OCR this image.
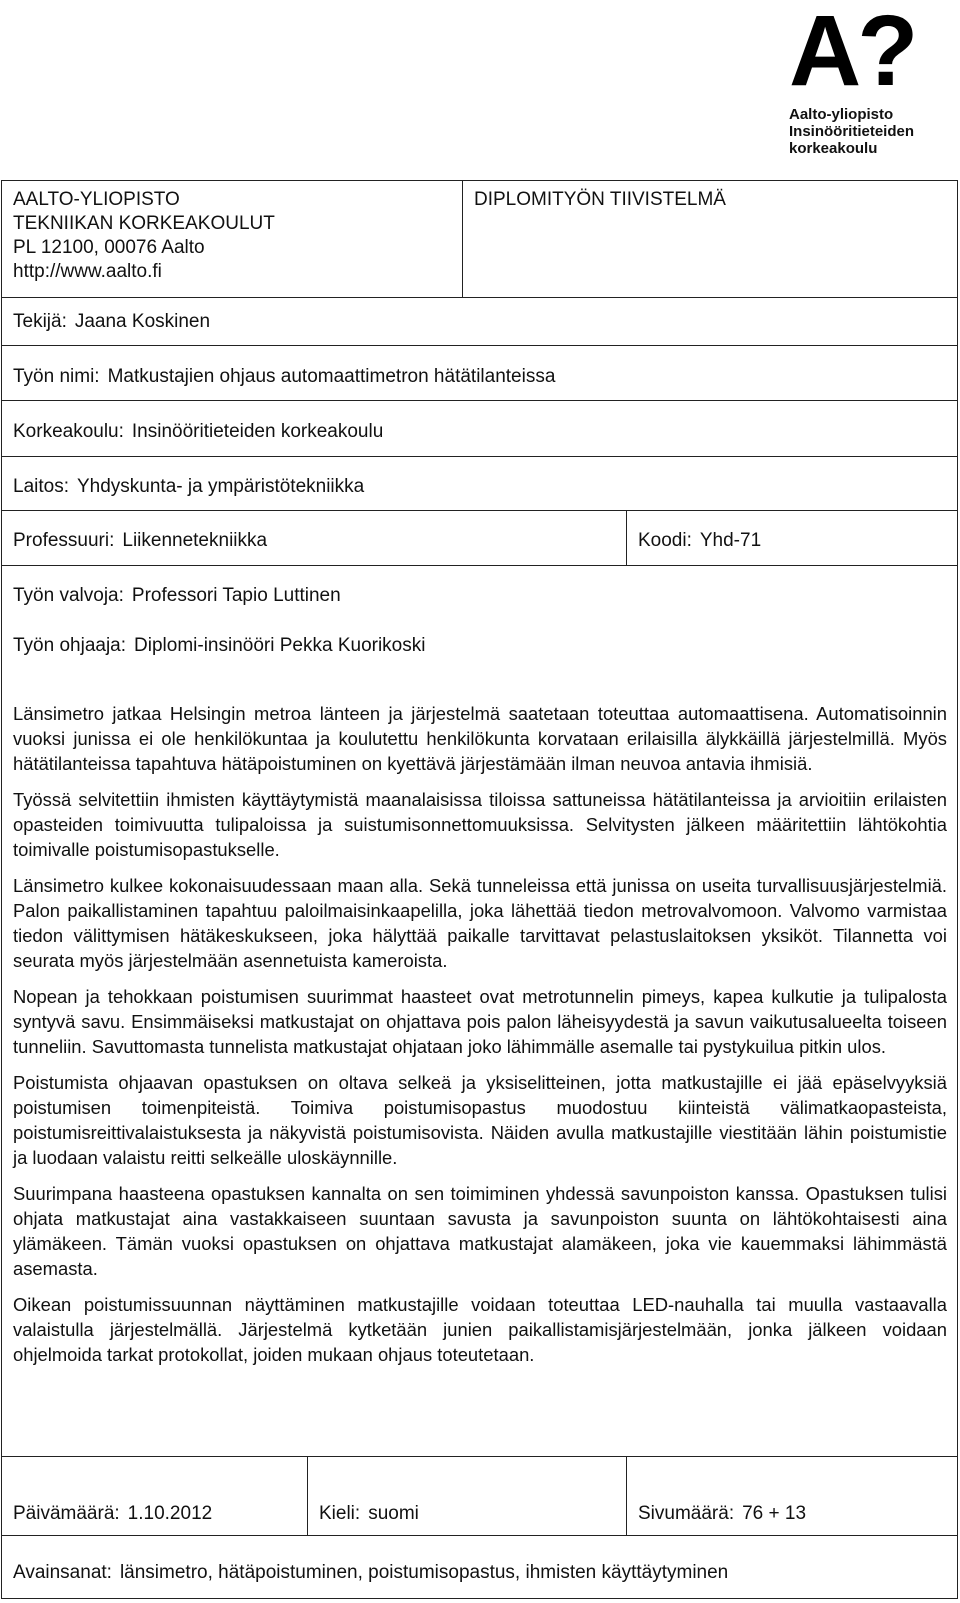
A?
Aalto-yliopisto
Insinööritieteiden
korkeakoulu
AALTO-YLIOPISTO
TEKNIIKAN KORKEAKOULUT
PL 12100, 00076 Aalto
http://www.aalto.fi
DIPLOMITYÖN TIIVISTELMÄ
Tekijä: Jaana Koskinen
Työn nimi: Matkustajien ohjaus automaattimetron hätätilanteissa
Korkeakoulu: Insinööritieteiden korkeakoulu
Laitos: Yhdyskunta- ja ympäristötekniikka
Professuuri: Liikennetekniikka	Koodi: Yhd-71
Työn valvoja: Professori Tapio Luttinen
Työn ohjaaja: Diplomi-insinööri Pekka Kuorikoski

Länsimetro jatkaa Helsingin metroa länteen ja järjestelmä saatetaan toteuttaa automaattisena. Automatisoinnin vuoksi junissa ei ole henkilökuntaa ja koulutettu henkilökunta korvataan erilaisilla älykkäillä järjestelmillä. Myös hätätilanteissa tapahtuva hätäpoistuminen on kyettävä järjestämään ilman neuvoa antavia ihmisiä.

Työssä selvitettiin ihmisten käyttäytymistä maanalaisissa tiloissa sattuneissa hätätilanteissa ja arvioitiin erilaisten opasteiden toimivuutta tulipaloissa ja suistumisonnettomuuksissa. Selvitysten jälkeen määritettiin lähtökohtia toimivalle poistumisopastukselle.

Länsimetro kulkee kokonaisuudessaan maan alla. Sekä tunneleissa että junissa on useita turvallisuusjärjestelmiä. Palon paikallistaminen tapahtuu paloilmaisinkaapelilla, joka lähettää tiedon metrovalvomoon. Valvomo varmistaa tiedon välittymisen hätäkeskukseen, joka hälyttää paikalle tarvittavat pelastuslaitoksen yksiköt. Tilannetta voi seurata myös järjestelmään asennetuista kameroista.

Nopean ja tehokkaan poistumisen suurimmat haasteet ovat metrotunnelin pimeys, kapea kulkutie ja tulipalosta syntyvä savu. Ensimmäiseksi matkustajat on ohjattava pois palon läheisyydestä ja savun vaikutusalueelta toiseen tunneliin. Savuttomasta tunnelista matkustajat ohjataan joko lähimmälle asemalle tai pystykuilua pitkin ulos.

Poistumista ohjaavan opastuksen on oltava selkeä ja yksiselitteinen, jotta matkustajille ei jää epäselvyyksiä poistumisen toimenpiteistä. Toimiva poistumisopastus muodostuu kiinteistä välimatkaopasteista, poistumisreittivalaistuksesta ja näkyvistä poistumisovista. Näiden avulla matkustajille viestitään lähin poistumistie ja luodaan valaistu reitti selkeälle uloskäynnille.

Suurimpana haasteena opastuksen kannalta on sen toimiminen yhdessä savunpoiston kanssa. Opastuksen tulisi ohjata matkustajat aina vastakkaiseen suuntaan savusta ja savunpoiston suunta on lähtökohtaisesti aina ylämäkeen. Tämän vuoksi opastuksen on ohjattava matkustajat alamäkeen, joka vie kauemmaksi lähimmästä asemasta.

Oikean poistumissuunnan näyttäminen matkustajille voidaan toteuttaa LED-nauhalla tai muulla vastaavalla valaistulla järjestelmällä. Järjestelmä kytketään junien paikallistamisjärjestelmään, jonka jälkeen voidaan ohjelmoida tarkat protokollat, joiden mukaan ohjaus toteutetaan.

Päivämäärä: 1.10.2012	Kieli: suomi	Sivumäärä: 76 + 13
Avainsanat: länsimetro, hätäpoistuminen, poistumisopastus, ihmisten käyttäytyminen
